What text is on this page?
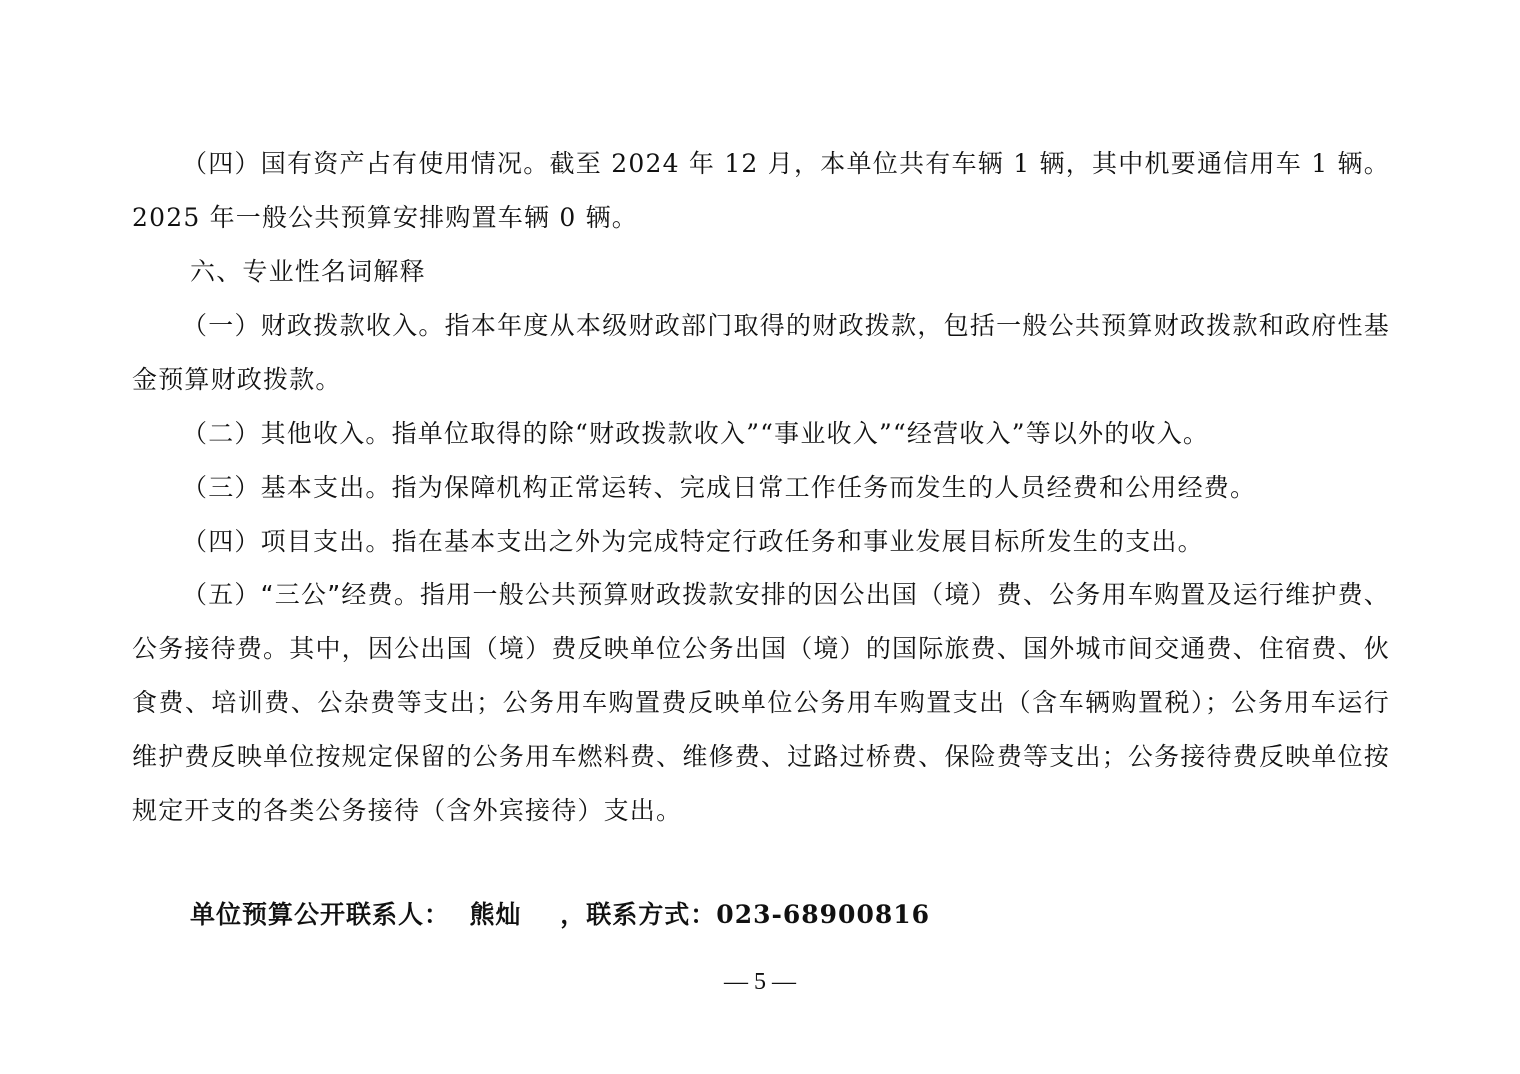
（四）国有资产占有使用情况。截至 2024 年 12 月，本单位共有车辆 1 辆，其中机要通信用车 1 辆。2025 年一般公共预算安排购置车辆 0 辆。

六、专业性名词解释

（一）财政拨款收入。指本年度从本级财政部门取得的财政拨款，包括一般公共预算财政拨款和政府性基金预算财政拨款。

（二）其他收入。指单位取得的除“财政拨款收入”“事业收入”“经营收入”等以外的收入。

（三）基本支出。指为保障机构正常运转、完成日常工作任务而发生的人员经费和公用经费。

（四）项目支出。指在基本支出之外为完成特定行政任务和事业发展目标所发生的支出。

（五）“三公”经费。指用一般公共预算财政拨款安排的因公出国（境）费、公务用车购置及运行维护费、公务接待费。其中，因公出国（境）费反映单位公务出国（境）的国际旅费、国外城市间交通费、住宿费、伙食费、培训费、公杂费等支出；公务用车购置费反映单位公务用车购置支出（含车辆购置税）；公务用车运行维护费反映单位按规定保留的公务用车燃料费、维修费、过路过桥费、保险费等支出；公务接待费反映单位按规定开支的各类公务接待（含外宾接待）支出。

单位预算公开联系人： 熊灿 ，联系方式：023-68900816

— 5 —
